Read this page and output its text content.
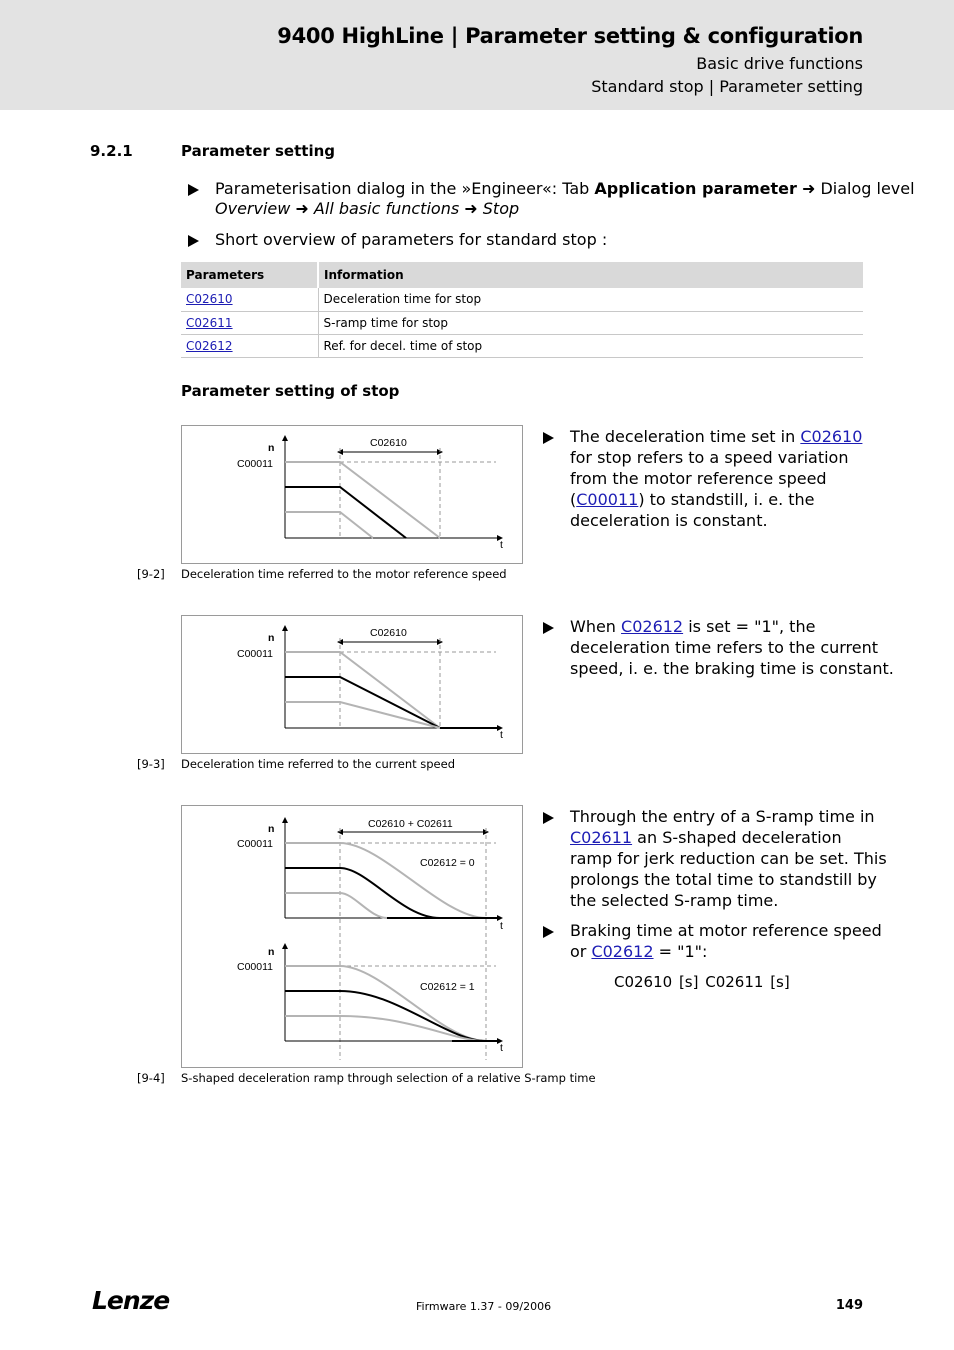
9400 HighLine | Parameter setting & configuration
Basic drive functions
Standard stop | Parameter setting
9.2.1	Parameter setting
Parameterisation dialog in the »Engineer«: Tab Application parameter ➜ Dialog level
Overview ➜ All basic functions ➜ Stop
Short overview of parameters for standard stop :
Parameters	Information
C02610	Deceleration time for stop
C02611	S-ramp time for stop
C02612	Ref. for decel. time of stop
Parameter setting of stop
n
C00011
t
C02610
[9-2] Deceleration time referred to the motor reference speed
The deceleration time set in C02610
for stop refers to a speed variation
from the motor reference speed
(C00011) to standstill, i. e. the
deceleration is constant.
n
C00011
t
C02610
[9-3] Deceleration time referred to the current speed
When C02612 is set = "1", the
deceleration time refers to the current
speed, i. e. the braking time is constant.
n
C00011
t
C02610 + C02611
C02612 = 0
n
C00011
t
C02612 = 1
[9-4] S-shaped deceleration ramp through selection of a relative S-ramp time
Through the entry of a S-ramp time in
C02611 an S-shaped deceleration
ramp for jerk reduction can be set. This
prolongs the total time to standstill by
the selected S-ramp time.
Braking time at motor reference speed
or C02612 = "1":
C02610 [s] C02611 [s]
Lenze	Firmware 1.37 - 09/2006	149
